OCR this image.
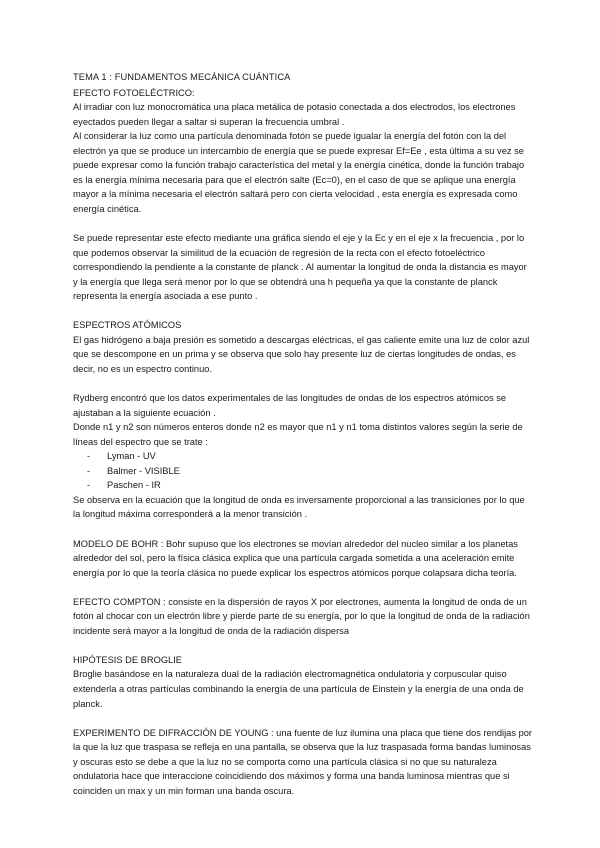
TEMA 1 : FUNDAMENTOS MECÁNICA CUÁNTICA

EFECTO FOTOELÉCTRICO:

Al irradiar con luz monocromática una placa metálica de potasio conectada a dos electrodos, los electrones eyectados pueden llegar a saltar si superan la frecuencia umbral .

Al considerar la luz como una partícula denominada fotón se puede igualar la energía del fotón con la del electrón ya que se produce un intercambio de energía que se puede expresar Ef=Ee , esta última a su vez se puede expresar como la función trabajo característica del metal y la energía cinética, donde la función trabajo es la energía mínima necesaria para que el electrón salte (Ec=0), en el caso de que se aplique una energía mayor a la mínima necesaria el electrón saltará pero con cierta velocidad , esta energía es expresada como energía cinética.

Se puede representar este efecto mediante una gráfica siendo el eje y la Ec y en el eje x la frecuencia , por lo que podemos observar la similitud de la ecuación de regresión de la recta con el efecto fotoeléctrico correspondiendo la pendiente a la constante de planck . Al aumentar la longitud de onda la distancia es mayor y la energía que llega será menor por lo que se obtendrá una h pequeña ya que la constante de planck representa la energía asociada a ese punto .

ESPECTROS ATÓMICOS

El gas hidrógeno a baja presión es sometido a descargas eléctricas, el gas caliente emite una luz de color azul que se descompone en un prima y se observa que solo hay presente luz de ciertas longitudes de ondas, es decir, no es un espectro continuo.

Rydberg encontró que los datos experimentales de las longitudes de ondas de los espectros atómicos se ajustaban a la siguiente ecuación .

Donde n1 y n2 son números enteros donde n2 es mayor que n1 y n1 toma distintos valores según la serie de líneas del espectro que se trate :

- Lyman - UV
- Balmer - VISIBLE
- Paschen - IR

Se observa en la ecuación que la longitud de onda es inversamente proporcional a las transiciones por lo que la longitud máxima corresponderá a la menor transición .

MODELO DE BOHR : Bohr supuso que los electrones se movían alrededor del nucleo similar a los planetas alrededor del sol, pero la física clásica explica que una partícula cargada sometida a una aceleración emite energía por lo que la teoría clásica no puede explicar los espectros atómicos porque colapsara dicha teoría.

EFECTO COMPTON : consiste en la dispersión de rayos X por electrones, aumenta la longitud de onda de un fotón al chocar con un electrón libre y pierde parte de su energía, por lo que la longitud de onda de la radiación incidente será mayor a la longitud de onda de la radiación dispersa

HIPÓTESIS DE BROGLIE

Broglie basándose en la naturaleza dual de la radiación electromagnética ondulatoria y corpuscular quiso extenderla a otras partículas combinando la energía de una partícula de Einstein y la energía de una onda de planck.

EXPERIMENTO DE DIFRACCIÓN DE YOUNG : una fuente de luz ilumina una placa que tiene dos rendijas por la que la luz que traspasa se refleja en una pantalla, se observa que la luz traspasada forma bandas luminosas y oscuras esto se debe a que la luz no se comporta como una partícula clásica si no que su naturaleza ondulatoria hace que interaccione coincidiendo dos máximos y forma una banda luminosa mientras que si coinciden un max y un min forman una banda oscura.
